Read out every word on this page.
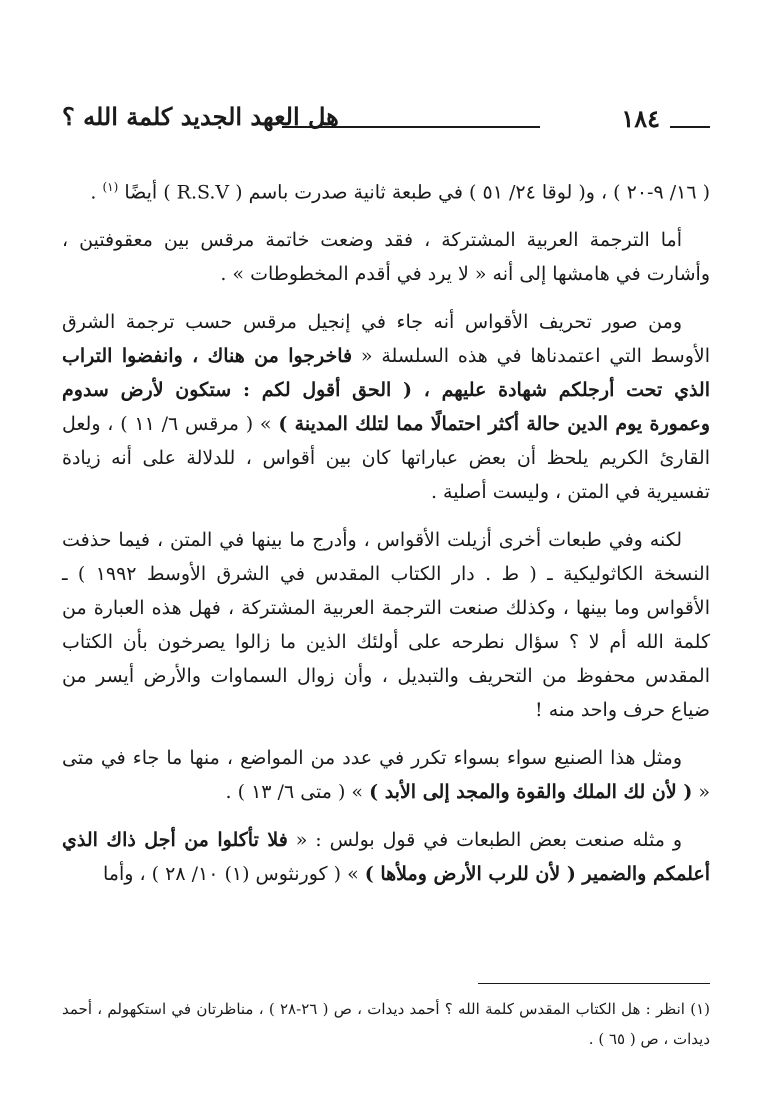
١٨٤
هل العهد الجديد كلمة الله ؟

( ١٦/ ٩-٢٠ ) ، و( لوقا ٢٤/ ٥١ ) في طبعة ثانية صدرت باسم ( R.S.V ) أيضًا $^{(١)}$ .

أما الترجمة العربية المشتركة ، فقد وضعت خاتمة مرقس بين معقوفتين ، وأشارت في هامشها إلى أنه « لا يرد في أقدم المخطوطات » .

ومن صور تحريف الأقواس أنه جاء في إنجيل مرقس حسب ترجمة الشرق الأوسط التي اعتمدناها في هذه السلسلة « فاخرجوا من هناك ، وانفضوا التراب الذي تحت أرجلكم شهادة عليهم ، ( الحق أقول لكم : ستكون لأرض سدوم وعمورة يوم الدين حالة أكثر احتمالًا مما لتلك المدينة ) » ( مرقس ٦/ ١١ ) ، ولعل القارئ الكريم يلحظ أن بعض عباراتها كان بين أقواس ، للدلالة على أنه زيادة تفسيرية في المتن ، وليست أصلية .

لكنه وفي طبعات أخرى أزيلت الأقواس ، وأدرج ما بينها في المتن ، فيما حذفت النسخة الكاثوليكية ـ ( ط . دار الكتاب المقدس في الشرق الأوسط ١٩٩٢ ) ـ الأقواس وما بينها ، وكذلك صنعت الترجمة العربية المشتركة ، فهل هذه العبارة من كلمة الله أم لا ؟ سؤال نطرحه على أولئك الذين ما زالوا يصرخون بأن الكتاب المقدس محفوظ من التحريف والتبديل ، وأن زوال السماوات والأرض أيسر من ضياع حرف واحد منه !

ومثل هذا الصنيع سواء بسواء تكرر في عدد من المواضع ، منها ما جاء في متى « ( لأن لك الملك والقوة والمجد إلى الأبد ) » ( متى ٦/ ١٣ ) .

و مثله صنعت بعض الطبعات في قول بولس : « فلا تأكلوا من أجل ذاك الذي أعلمكم والضمير ( لأن للرب الأرض وملأها ) » ( كورنثوس (١) ١٠/ ٢٨ ) ، وأما

(١) انظر : هل الكتاب المقدس كلمة الله ؟ أحمد ديدات ، ص ( ٢٦-٢٨ ) ، مناظرتان في استكهولم ، أحمد ديدات ، ص ( ٦٥ ) .
